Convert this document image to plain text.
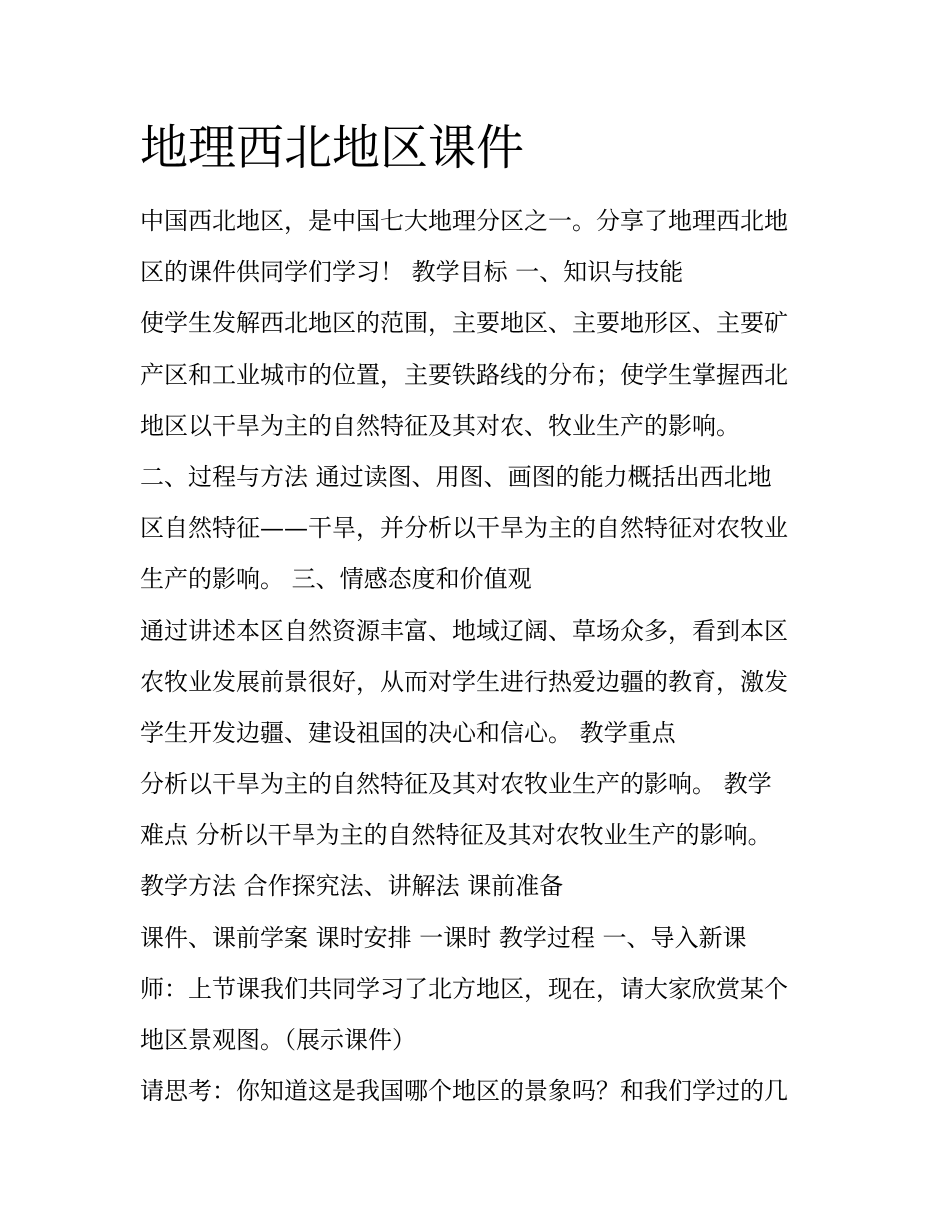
地理西北地区课件
中国西北地区，是中国七大地理分区之一。分享了地理西北地
区的课件供同学们学习！ 教学目标 一、知识与技能
使学生发解西北地区的范围，主要地区、主要地形区、主要矿
产区和工业城市的位置，主要铁路线的分布；使学生掌握西北
地区以干旱为主的自然特征及其对农、牧业生产的影响。
二、过程与方法 通过读图、用图、画图的能力概括出西北地
区自然特征——干旱，并分析以干旱为主的自然特征对农牧业
生产的影响。 三、情感态度和价值观
通过讲述本区自然资源丰富、地域辽阔、草场众多，看到本区
农牧业发展前景很好，从而对学生进行热爱边疆的教育，激发
学生开发边疆、建设祖国的决心和信心。 教学重点
分析以干旱为主的自然特征及其对农牧业生产的影响。 教学
难点 分析以干旱为主的自然特征及其对农牧业生产的影响。
教学方法 合作探究法、讲解法 课前准备
课件、课前学案 课时安排 一课时 教学过程 一、导入新课
师：上节课我们共同学习了北方地区，现在，请大家欣赏某个
地区景观图。（展示课件）
请思考：你知道这是我国哪个地区的景象吗？和我们学过的几
